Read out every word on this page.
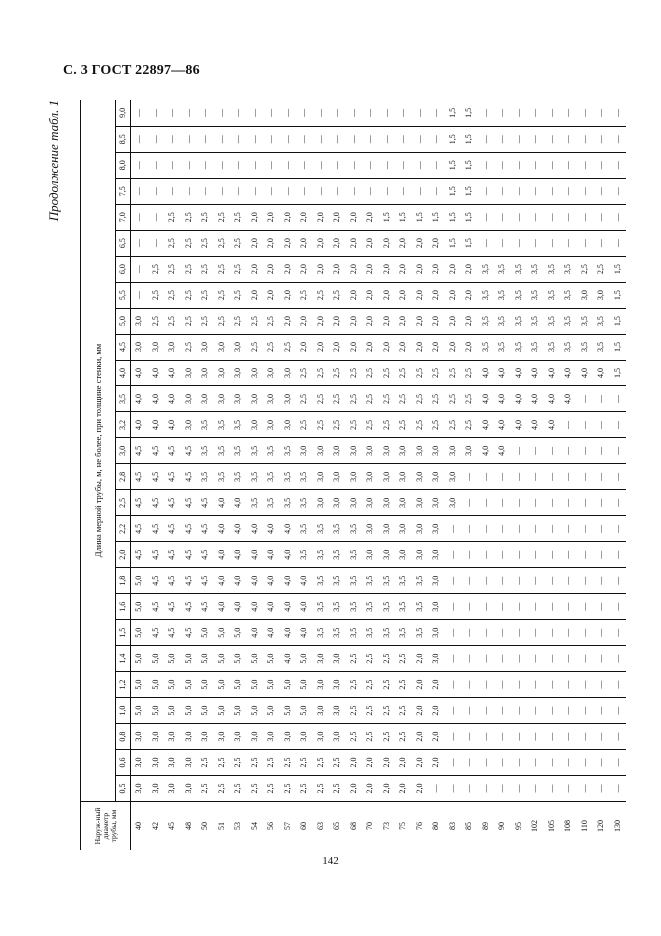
С. 3 ГОСТ 22897—86
Продолжение табл. 1
Наруж-ный диаметр трубы, мм	Длина мерной трубы, м, не более, при толщине стенки, мм																										
	0,5	0,6	0,8	1,0	1,2	1,4	1,5	1,6	1,8	2,0	2,2	2,5	2,8	3,0	3,2	3,5	4,0	4,5	5,0	5,5	6,0	6,5	7,0	7,5	8,0	8,5	9,0
40	3,0	3,0	3,0	5,0	5,0	5,0	5,0	5,0	5,0	4,5	4,5	4,5	4,5	4,5	4,0	4,0	4,0	3,0	3,0	—	—	—	—	—	—	—	—
42	3,0	3,0	3,0	5,0	5,0	5,0	4,5	4,5	4,5	4,5	4,5	4,5	4,5	4,5	4,0	4,0	4,0	3,0	2,5	2,5	2,5	—	—	—	—	—	—
45	3,0	3,0	3,0	5,0	5,0	5,0	4,5	4,5	4,5	4,5	4,5	4,5	4,5	4,5	4,0	4,0	4,0	3,0	2,5	2,5	2,5	2,5	2,5	—	—	—	—
48	3,0	3,0	3,0	5,0	5,0	5,0	4,5	4,5	4,5	4,5	4,5	4,5	4,5	4,5	3,0	3,0	3,0	2,5	2,5	2,5	2,5	2,5	2,5	—	—	—	—
50	2,5	2,5	3,0	5,0	5,0	5,0	5,0	4,5	4,5	4,5	4,5	4,5	3,5	3,5	3,5	3,0	3,0	3,0	2,5	2,5	2,5	2,5	2,5	—	—	—	—
51	2,5	2,5	3,0	5,0	5,0	5,0	5,0	4,0	4,0	4,0	4,0	4,0	3,5	3,5	3,5	3,0	3,0	3,0	2,5	2,5	2,5	2,5	2,5	—	—	—	—
53	2,5	2,5	3,0	5,0	5,0	5,0	5,0	4,0	4,0	4,0	4,0	4,0	3,5	3,5	3,5	3,0	3,0	3,0	2,5	2,5	2,5	2,5	2,5	—	—	—	—
54	2,5	2,5	3,0	5,0	5,0	5,0	4,0	4,0	4,0	4,0	4,0	3,5	3,5	3,5	3,0	3,0	3,0	2,5	2,5	2,0	2,0	2,0	2,0	—	—	—	—
56	2,5	2,5	3,0	5,0	5,0	5,0	4,0	4,0	4,0	4,0	4,0	3,5	3,5	3,5	3,0	3,0	3,0	2,5	2,5	2,0	2,0	2,0	2,0	—	—	—	—
57	2,5	2,5	3,0	5,0	5,0	4,0	4,0	4,0	4,0	4,0	4,0	3,5	3,5	3,5	3,0	3,0	3,0	2,5	2,0	2,0	2,0	2,0	2,0	—	—	—	—
60	2,5	2,5	3,0	5,0	5,0	5,0	4,0	4,0	4,0	3,5	3,5	3,5	3,5	3,0	2,5	2,5	2,5	2,0	2,0	2,5	2,0	2,0	2,0	—	—	—	—
63	2,5	2,5	3,0	3,0	3,0	3,0	3,5	3,5	3,5	3,5	3,5	3,0	3,0	3,0	2,5	2,5	2,5	2,0	2,0	2,5	2,0	2,0	2,0	—	—	—	—
65	2,5	2,5	3,0	3,0	3,0	3,0	3,5	3,5	3,5	3,5	3,5	3,0	3,0	3,0	2,5	2,5	2,5	2,0	2,0	2,5	2,0	2,0	2,0	—	—	—	—
68	2,0	2,0	2,5	2,5	2,5	2,5	3,5	3,5	3,5	3,5	3,5	3,0	3,0	3,0	2,5	2,5	2,5	2,0	2,0	2,0	2,0	2,0	2,0	—	—	—	—
70	2,0	2,0	2,5	2,5	2,5	2,5	3,5	3,5	3,5	3,0	3,0	3,0	3,0	3,0	2,5	2,5	2,5	2,0	2,0	2,0	2,0	2,0	2,0	—	—	—	—
73	2,0	2,0	2,5	2,5	2,5	2,5	3,5	3,5	3,5	3,0	3,0	3,0	3,0	3,0	2,5	2,5	2,5	2,0	2,0	2,0	2,0	2,0	1,5	—	—	—	—
75	2,0	2,0	2,5	2,5	2,5	2,5	3,5	3,5	3,5	3,0	3,0	3,0	3,0	3,0	2,5	2,5	2,5	2,0	2,0	2,0	2,0	2,0	1,5	—	—	—	—
76	2,0	2,0	2,0	2,0	2,0	2,0	3,5	3,5	3,5	3,0	3,0	3,0	3,0	3,0	2,5	2,5	2,5	2,0	2,0	2,0	2,0	2,0	1,5	—	—	—	—
80	—	2,0	2,0	2,0	2,0	3,0	3,0	3,0	3,0	3,0	3,0	3,0	3,0	3,0	2,5	2,5	2,5	2,0	2,0	2,0	2,0	2,0	1,5	—	—	—	—
83	—	—	—	—	—	—	—	—	—	—	—	3,0	3,0	3,0	2,5	2,5	2,5	2,0	2,0	2,0	2,0	1,5	1,5	1,5	1,5	1,5	1,5
85	—	—	—	—	—	—	—	—	—	—	—	—	—	3,0	2,5	2,5	2,5	2,0	2,0	2,0	2,0	1,5	1,5	1,5	1,5	1,5	1,5
89	—	—	—	—	—	—	—	—	—	—	—	—	—	4,0	4,0	4,0	4,0	3,5	3,5	3,5	3,5	—	—	—	—	—	—
90	—	—	—	—	—	—	—	—	—	—	—	—	—	4,0	4,0	4,0	4,0	3,5	3,5	3,5	3,5	—	—	—	—	—	—
95	—	—	—	—	—	—	—	—	—	—	—	—	—	—	4,0	4,0	4,0	3,5	3,5	3,5	3,5	—	—	—	—	—	—
102	—	—	—	—	—	—	—	—	—	—	—	—	—	—	4,0	4,0	4,0	3,5	3,5	3,5	3,5	—	—	—	—	—	—
105	—	—	—	—	—	—	—	—	—	—	—	—	—	—	4,0	4,0	4,0	3,5	3,5	3,5	3,5	—	—	—	—	—	—
108	—	—	—	—	—	—	—	—	—	—	—	—	—	—	—	4,0	4,0	3,5	3,5	3,5	3,5	—	—	—	—	—	—
110	—	—	—	—	—	—	—	—	—	—	—	—	—	—	—	—	4,0	3,5	3,5	3,0	2,5	—	—	—	—	—	—
120	—	—	—	—	—	—	—	—	—	—	—	—	—	—	—	—	4,0	3,5	3,5	3,0	2,5	—	—	—	—	—	—
130	—	—	—	—	—	—	—	—	—	—	—	—	—	—	—	—	1,5	1,5	1,5	1,5	1,5	—	—	—	—	—	—
142
